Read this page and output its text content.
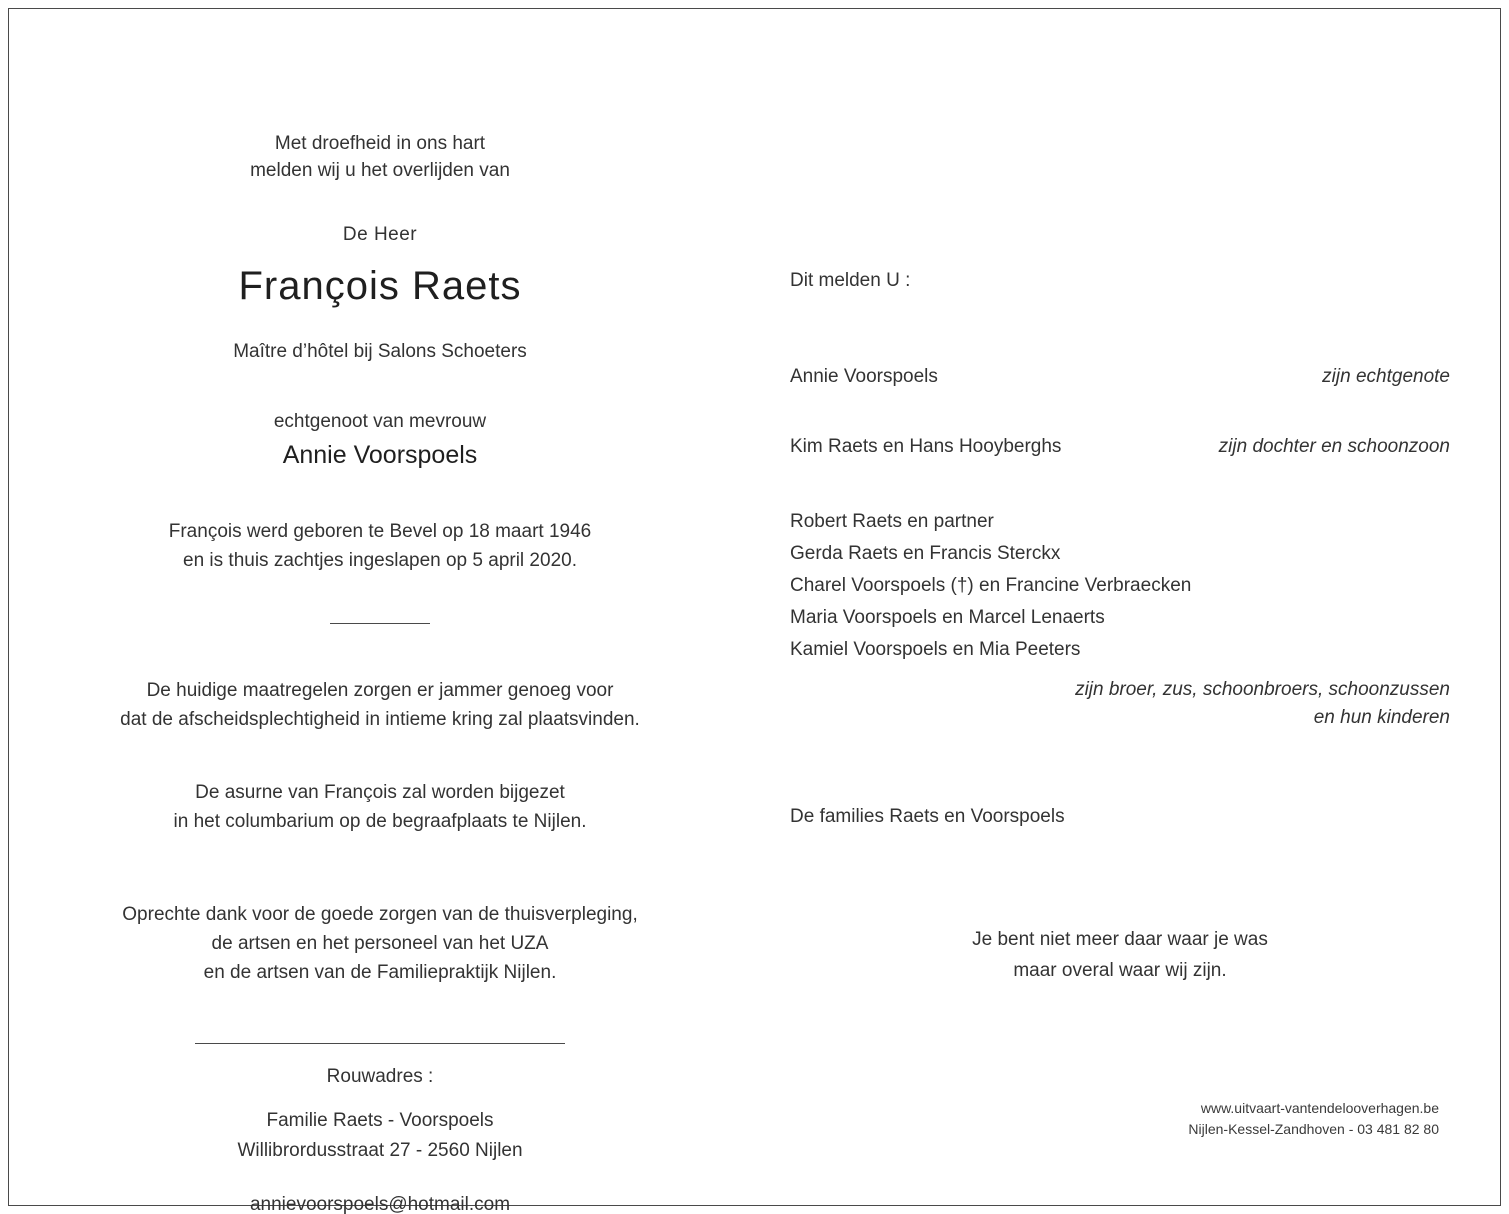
Met droefheid in ons hart
melden wij u het overlijden van
De Heer
François Raets
Maître d’hôtel bij Salons Schoeters
echtgenoot van mevrouw
Annie Voorspoels
François werd geboren te Bevel op 18 maart 1946
en is thuis zachtjes ingeslapen op 5 april 2020.
De huidige maatregelen zorgen er jammer genoeg voor
dat de afscheidsplechtigheid in intieme kring zal plaatsvinden.
De asurne van François zal worden bijgezet
in het columbarium op de begraafplaats te Nijlen.
Oprechte dank voor de goede zorgen van de thuisverpleging,
de artsen en het personeel van het UZA
en de artsen van de Familiepraktijk Nijlen.
Rouwadres :
Familie Raets - Voorspoels
Willibrordusstraat 27 - 2560 Nijlen
annievoorspoels@hotmail.com
Dit melden U :
Annie Voorspoels	zijn echtgenote
Kim Raets en Hans Hooyberghs	zijn dochter en schoonzoon
Robert Raets en partner
Gerda Raets en Francis Sterckx
Charel Voorspoels (†) en Francine Verbraecken
Maria Voorspoels en Marcel Lenaerts
Kamiel Voorspoels en Mia Peeters
zijn broer, zus, schoonbroers, schoonzussen
en hun kinderen
De families Raets en Voorspoels
Je bent niet meer daar waar je was
maar overal waar wij zijn.
www.uitvaart-vantendelooverhagen.be
Nijlen-Kessel-Zandhoven - 03 481 82 80
